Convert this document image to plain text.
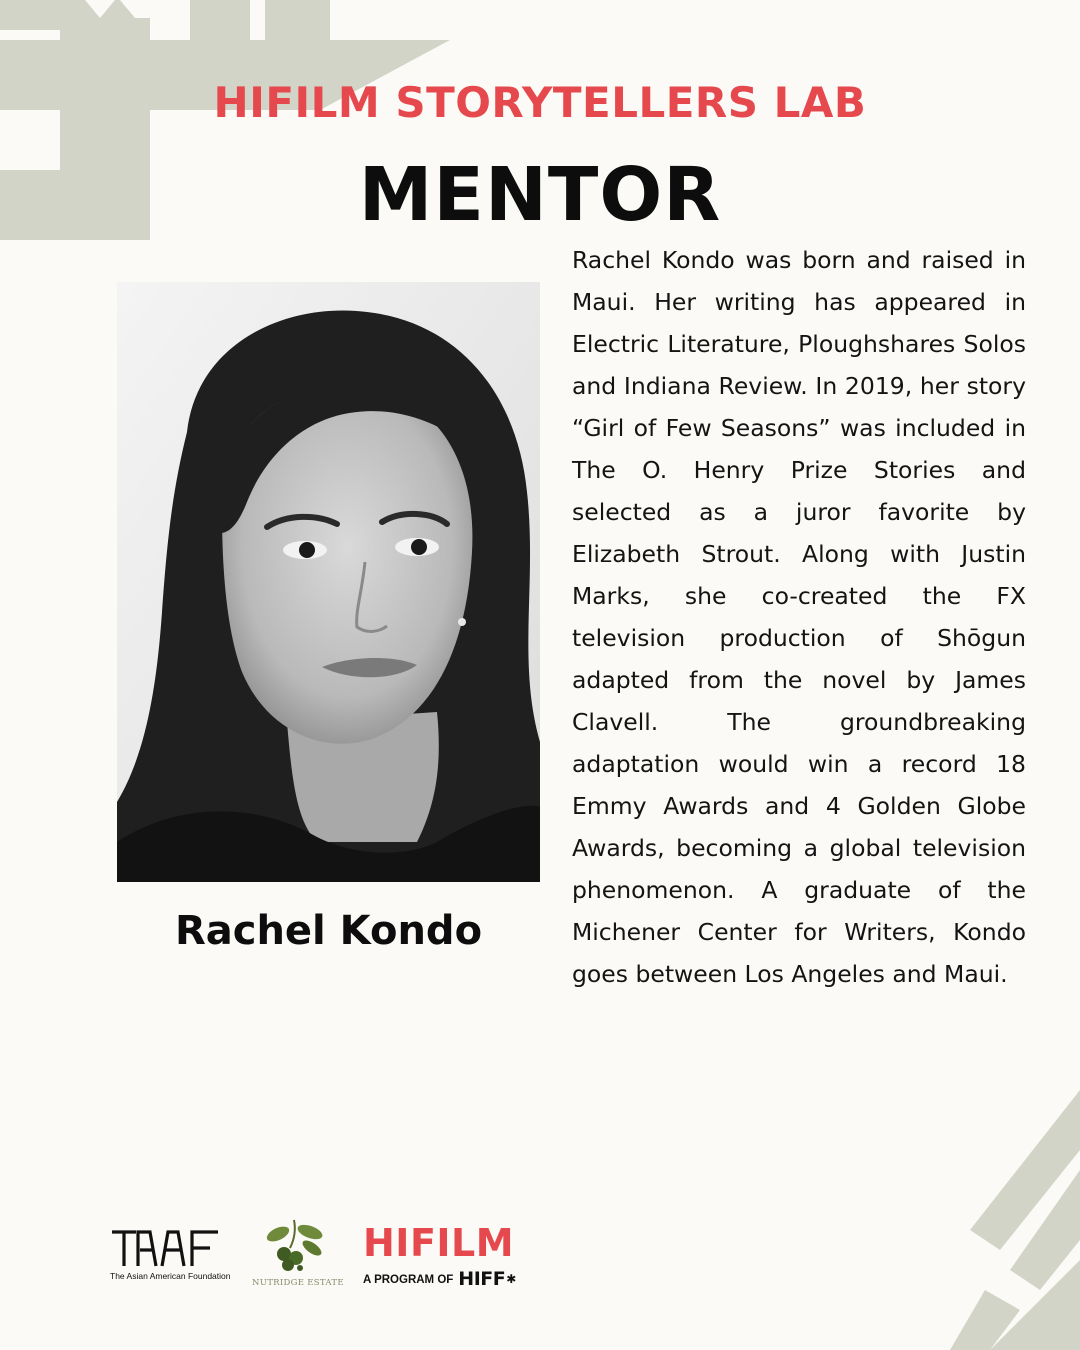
HIFILM STORYTELLERS LAB
MENTOR
Rachel Kondo

Rachel Kondo was born and raised in Maui. Her writing has appeared in Electric Literature, Ploughshares Solos and Indiana Review. In 2019, her story “Girl of Few Seasons” was included in The O. Henry Prize Stories and selected as a juror favorite by Elizabeth Strout. Along with Justin Marks, she co-created the FX television production of Shōgun adapted from the novel by James Clavell. The groundbreaking adaptation would win a record 18 Emmy Awards and 4 Golden Globe Awards, becoming a global television phenomenon. A graduate of the Michener Center for Writers, Kondo goes between Los Angeles and Maui.

The Asian American Foundation
NUTRIDGE ESTATE
HIFILM
A PROGRAM OF HIFF✱
